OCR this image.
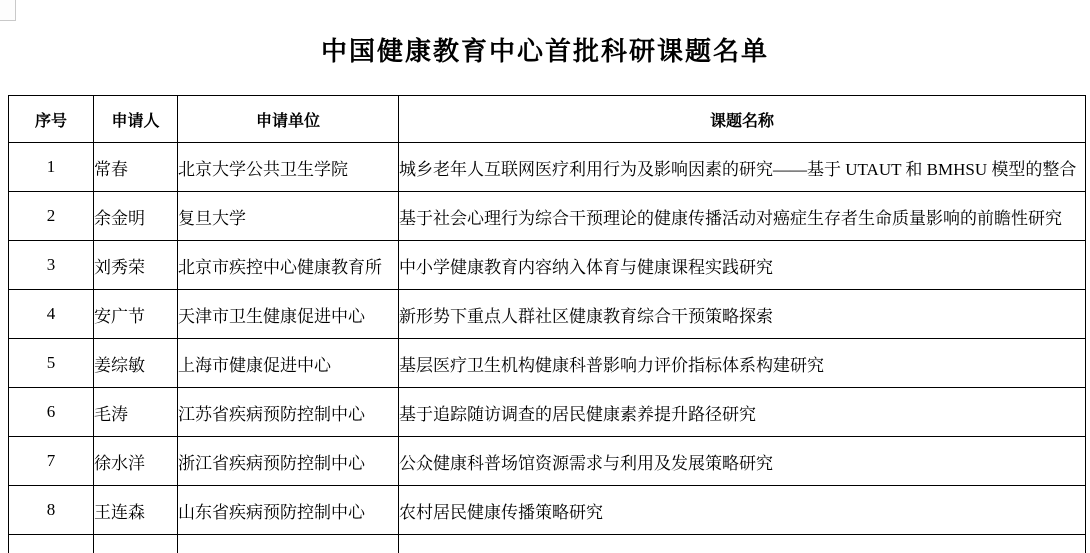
中国健康教育中心首批科研课题名单
序号	申请人	申请单位	课题名称
1	常春	北京大学公共卫生学院	城乡老年人互联网医疗利用行为及影响因素的研究——基于 UTAUT 和 BMHSU 模型的整合
2	余金明	复旦大学	基于社会心理行为综合干预理论的健康传播活动对癌症生存者生命质量影响的前瞻性研究
3	刘秀荣	北京市疾控中心健康教育所	中小学健康教育内容纳入体育与健康课程实践研究
4	安广节	天津市卫生健康促进中心	新形势下重点人群社区健康教育综合干预策略探索
5	姜综敏	上海市健康促进中心	基层医疗卫生机构健康科普影响力评价指标体系构建研究
6	毛涛	江苏省疾病预防控制中心	基于追踪随访调查的居民健康素养提升路径研究
7	徐水洋	浙江省疾病预防控制中心	公众健康科普场馆资源需求与利用及发展策略研究
8	王连森	山东省疾病预防控制中心	农村居民健康传播策略研究
